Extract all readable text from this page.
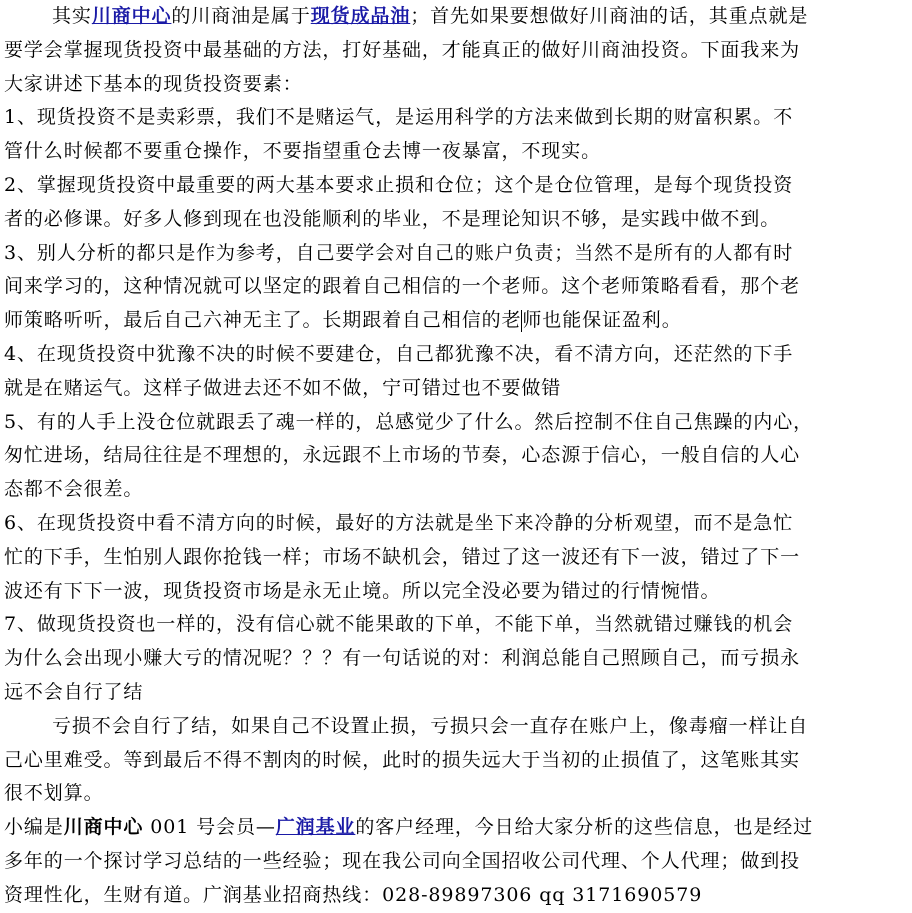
其实川商中心的川商油是属于现货成品油；首先如果要想做好川商油的话，其重点就是
要学会掌握现货投资中最基础的方法，打好基础，才能真正的做好川商油投资。下面我来为
大家讲述下基本的现货投资要素：
1、现货投资不是卖彩票，我们不是赌运气，是运用科学的方法来做到长期的财富积累。不
管什么时候都不要重仓操作，不要指望重仓去博一夜暴富，不现实。
2、掌握现货投资中最重要的两大基本要求止损和仓位；这个是仓位管理，是每个现货投资
者的必修课。好多人修到现在也没能顺利的毕业，不是理论知识不够，是实践中做不到。
3、别人分析的都只是作为参考，自己要学会对自己的账户负责；当然不是所有的人都有时
间来学习的，这种情况就可以坚定的跟着自己相信的一个老师。这个老师策略看看，那个老
师策略听听，最后自己六神无主了。长期跟着自己相信的老师也能保证盈利。
4、在现货投资中犹豫不决的时候不要建仓，自己都犹豫不决，看不清方向，还茫然的下手
就是在赌运气。这样子做进去还不如不做，宁可错过也不要做错
5、有的人手上没仓位就跟丢了魂一样的，总感觉少了什么。然后控制不住自己焦躁的内心，
匆忙进场，结局往往是不理想的，永远跟不上市场的节奏，心态源于信心，一般自信的人心
态都不会很差。
6、在现货投资中看不清方向的时候，最好的方法就是坐下来冷静的分析观望，而不是急忙
忙的下手，生怕别人跟你抢钱一样；市场不缺机会，错过了这一波还有下一波，错过了下一
波还有下下一波，现货投资市场是永无止境。所以完全没必要为错过的行情惋惜。
7、做现货投资也一样的，没有信心就不能果敢的下单，不能下单，当然就错过赚钱的机会
为什么会出现小赚大亏的情况呢？？？有一句话说的对：利润总能自己照顾自己，而亏损永
远不会自行了结
亏损不会自行了结，如果自己不设置止损，亏损只会一直存在账户上，像毒瘤一样让自
己心里难受。等到最后不得不割肉的时候，此时的损失远大于当初的止损值了，这笔账其实
很不划算。
小编是川商中心 001 号会员—广润基业的客户经理，今日给大家分析的这些信息，也是经过
多年的一个探讨学习总结的一些经验；现在我公司向全国招收公司代理、个人代理；做到投
资理性化，生财有道。广润基业招商热线：028-89897306 qq 3171690579
